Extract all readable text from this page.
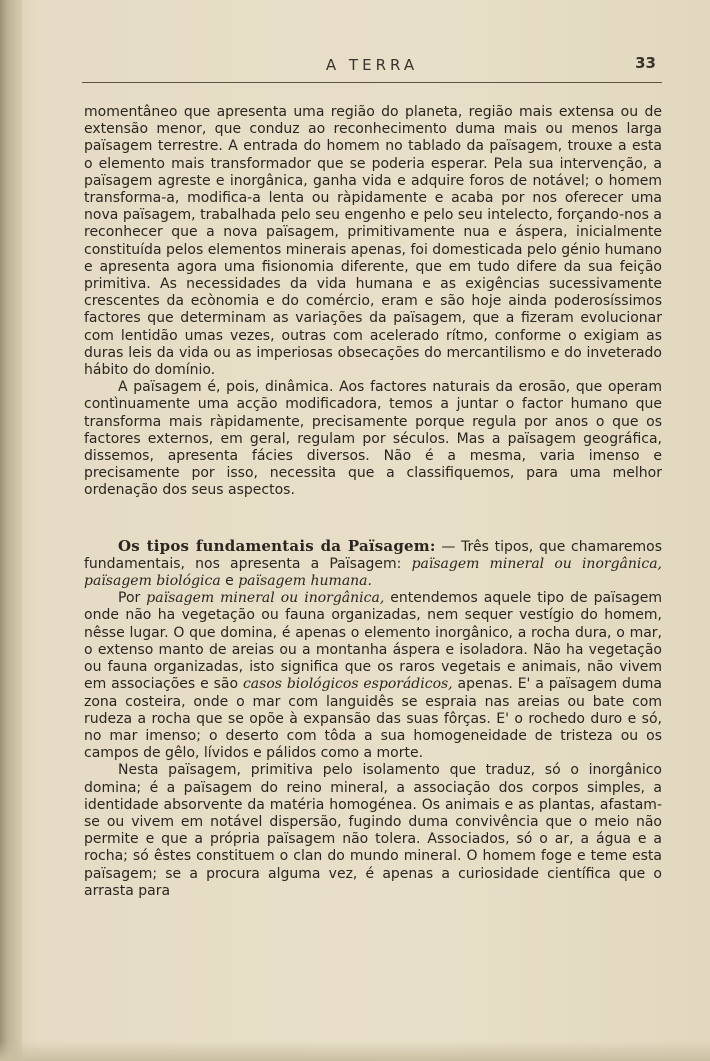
A TERRA	33

momentâneo que apresenta uma região do planeta, região mais extensa ou de extensão menor, que conduz ao reconhecimento duma mais ou menos larga païsagem terrestre. A entrada do homem no tablado da païsagem, trouxe a esta o elemento mais transformador que se poderia esperar. Pela sua intervenção, a païsagem agreste e inorgânica, ganha vida e adquire foros de notável; o homem transforma-a, modifica-a lenta ou ràpidamente e acaba por nos oferecer uma nova païsagem, trabalhada pelo seu engenho e pelo seu intelecto, forçando-nos a reconhecer que a nova païsagem, primitivamente nua e áspera, inicialmente constituída pelos elementos minerais apenas, foi domesticada pelo génio humano e apresenta agora uma fisionomia diferente, que em tudo difere da sua feição primitiva. As necessidades da vida humana e as exigências sucessivamente crescentes da ecònomia e do comércio, eram e são hoje ainda poderosíssimos factores que determinam as variações da païsagem, que a fizeram evolucionar com lentidão umas vezes, outras com acelerado rítmo, conforme o exigiam as duras leis da vida ou as imperiosas obsecações do mercantilismo e do inveterado hábito do domínio.

A païsagem é, pois, dinâmica. Aos factores naturais da erosão, que operam contìnuamente uma acção modificadora, temos a juntar o factor humano que transforma mais ràpidamente, precisamente porque regula por anos o que os factores externos, em geral, regulam por séculos. Mas a païsagem geográfica, dissemos, apresenta fácies diversos. Não é a mesma, varia imenso e precisamente por isso, necessita que a classifiquemos, para uma melhor ordenação dos seus aspectos.

Os tipos fundamentais da Païsagem: — Três tipos, que chamaremos fundamentais, nos apresenta a Païsagem: païsagem mineral ou inorgânica, païsagem biológica e païsagem humana.

Por païsagem mineral ou inorgânica, entendemos aquele tipo de païsagem onde não ha vegetação ou fauna organizadas, nem sequer vestígio do homem, nêsse lugar. O que domina, é apenas o elemento inorgânico, a rocha dura, o mar, o extenso manto de areias ou a montanha áspera e isoladora. Não ha vegetação ou fauna organizadas, isto significa que os raros vegetais e animais, não vivem em associações e são casos biológicos esporádicos, apenas. E' a païsagem duma zona costeira, onde o mar com languidês se espraia nas areias ou bate com rudeza a rocha que se opõe à expansão das suas fôrças. E' o rochedo duro e só, no mar imenso; o deserto com tôda a sua homogeneidade de tristeza ou os campos de gêlo, lívidos e pálidos como a morte.

Nesta païsagem, primitiva pelo isolamento que traduz, só o inorgânico domina; é a païsagem do reino mineral, a associação dos corpos simples, a identidade absorvente da matéria homogénea. Os animais e as plantas, afastam-se ou vivem em notável dispersão, fugindo duma convivência que o meio não permite e que a própria païsagem não tolera. Associados, só o ar, a água e a rocha; só êstes constituem o clan do mundo mineral. O homem foge e teme esta païsagem; se a procura alguma vez, é apenas a curiosidade científica que o arrasta para
